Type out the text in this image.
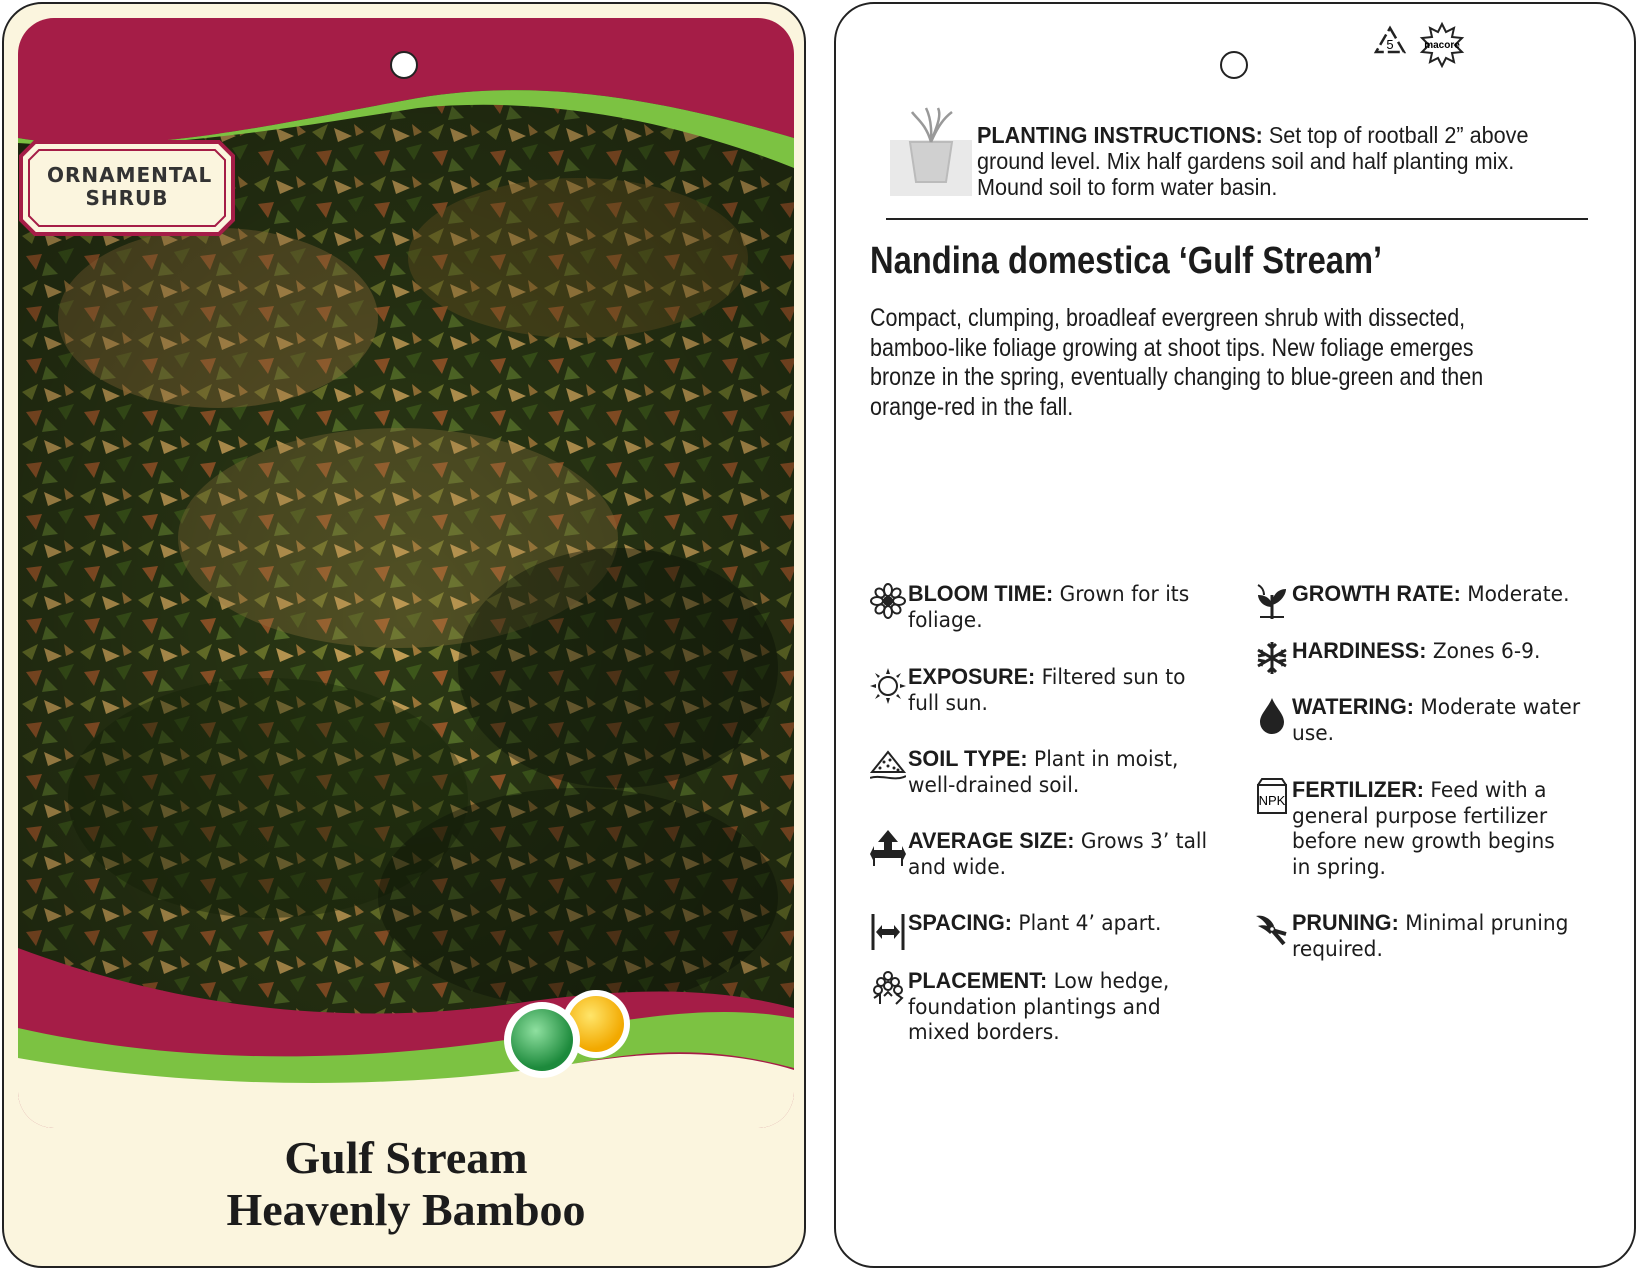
ORNAMENTAL
SHRUB
Gulf Stream
Heavenly Bamboo
5	macore
PLANTING INSTRUCTIONS: Set top of rootball 2” above
ground level. Mix half gardens soil and half planting mix.
Mound soil to form water basin.
Nandina domestica ‘Gulf Stream’
Compact, clumping, broadleaf evergreen shrub with dissected,
bamboo-like foliage growing at shoot tips. New foliage emerges
bronze in the spring, eventually changing to blue-green and then
orange-red in the fall.
BLOOM TIME: Grown for its
foliage.
EXPOSURE: Filtered sun to
full sun.
SOIL TYPE: Plant in moist,
well-drained soil.
AVERAGE SIZE: Grows 3’ tall
and wide.
SPACING: Plant 4’ apart.
PLACEMENT: Low hedge,
foundation plantings and
mixed borders.
GROWTH RATE: Moderate.
HARDINESS: Zones 6-9.
WATERING: Moderate water
use.
NPK FERTILIZER: Feed with a
general purpose fertilizer
before new growth begins
in spring.
PRUNING: Minimal pruning
required.
